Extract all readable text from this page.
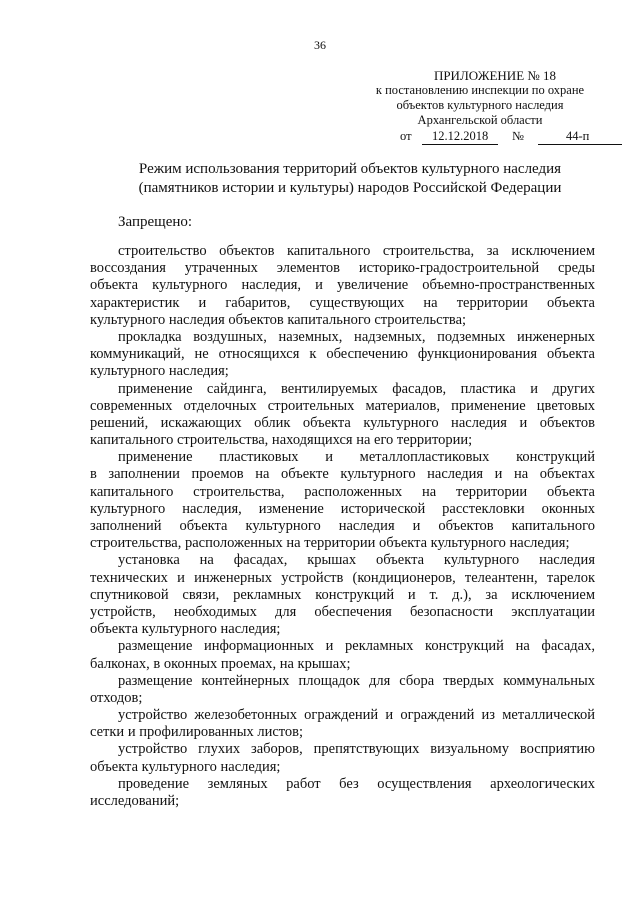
36
ПРИЛОЖЕНИЕ № 18
к постановлению инспекции по охране
объектов культурного наследия
Архангельской области
от 12.12.2018 №	44-п
Режим использования территорий объектов культурного наследия
(памятников истории и культуры) народов Российской Федерации
Запрещено:
строительство объектов капитального строительства, за исключением
воссоздания утраченных элементов историко-градостроительной среды
объекта культурного наследия, и увеличение объемно-пространственных
характеристик и габаритов, существующих на территории объекта
культурного наследия объектов капитального строительства;
прокладка воздушных, наземных, надземных, подземных инженерных
коммуникаций, не относящихся к обеспечению функционирования объекта
культурного наследия;
применение сайдинга, вентилируемых фасадов, пластика и других
современных отделочных строительных материалов, применение цветовых
решений, искажающих облик объекта культурного наследия и объектов
капитального строительства, находящихся на его территории;
применение пластиковых и металлопластиковых конструкций
в заполнении проемов на объекте культурного наследия и на объектах
капитального строительства, расположенных на территории объекта
культурного наследия, изменение исторической расстекловки оконных
заполнений объекта культурного наследия и объектов капитального
строительства, расположенных на территории объекта культурного наследия;
установка на фасадах, крышах объекта культурного наследия
технических и инженерных устройств (кондиционеров, телеантенн, тарелок
спутниковой связи, рекламных конструкций и т. д.), за исключением
устройств, необходимых для обеспечения безопасности эксплуатации
объекта культурного наследия;
размещение информационных и рекламных конструкций на фасадах,
балконах, в оконных проемах, на крышах;
размещение контейнерных площадок для сбора твердых коммунальных
отходов;
устройство железобетонных ограждений и ограждений из металлической
сетки и профилированных листов;
устройство глухих заборов, препятствующих визуальному восприятию
объекта культурного наследия;
проведение земляных работ без осуществления археологических
исследований;
